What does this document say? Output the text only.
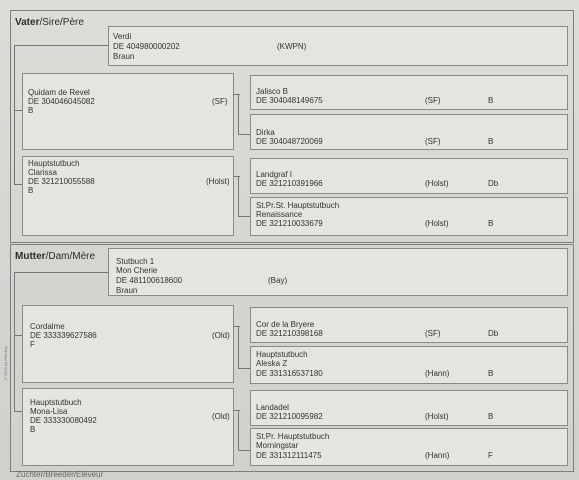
Vater/Sire/Père
Verdi
DE 404980000202
Braun
(KWPN)
Quidam de Revel
DE 304046045082
B
(SF)
Jalisco B
DE 304048149675	(SF)	B
Dirka
DE 304048720069	(SF)	B
Hauptstutbuch
Clarissa
DE 321210055588
B
(Holst)
Landgraf I
DE 321210391966	(Holst)	Db
St.Pr.St. Hauptstutbuch
Renaissance
DE 321210033679	(Holst)	B
Mutter/Dam/Mère	Stutbuch 1
Mon Cherie
DE 481100618600
Braun
(Bay)
Cordalme
DE 333339627586
F
(Old)
Cor de la Bryere
DE 321210398168	(SF)	Db
Hauptstutbuch
Aleska Z
DE 331316537180	(Hann)	B
Hauptstutbuch
Mona-Lisa
DE 333330080492
B
(Old)
Landadel
DE 321210095982	(Holst)	B
St.Pr. Hauptstutbuch
Morningstar
DE 331312111475	(Hann)	F
© 1999 by Pferdeg
Züchter/Breeder/Eleveur
